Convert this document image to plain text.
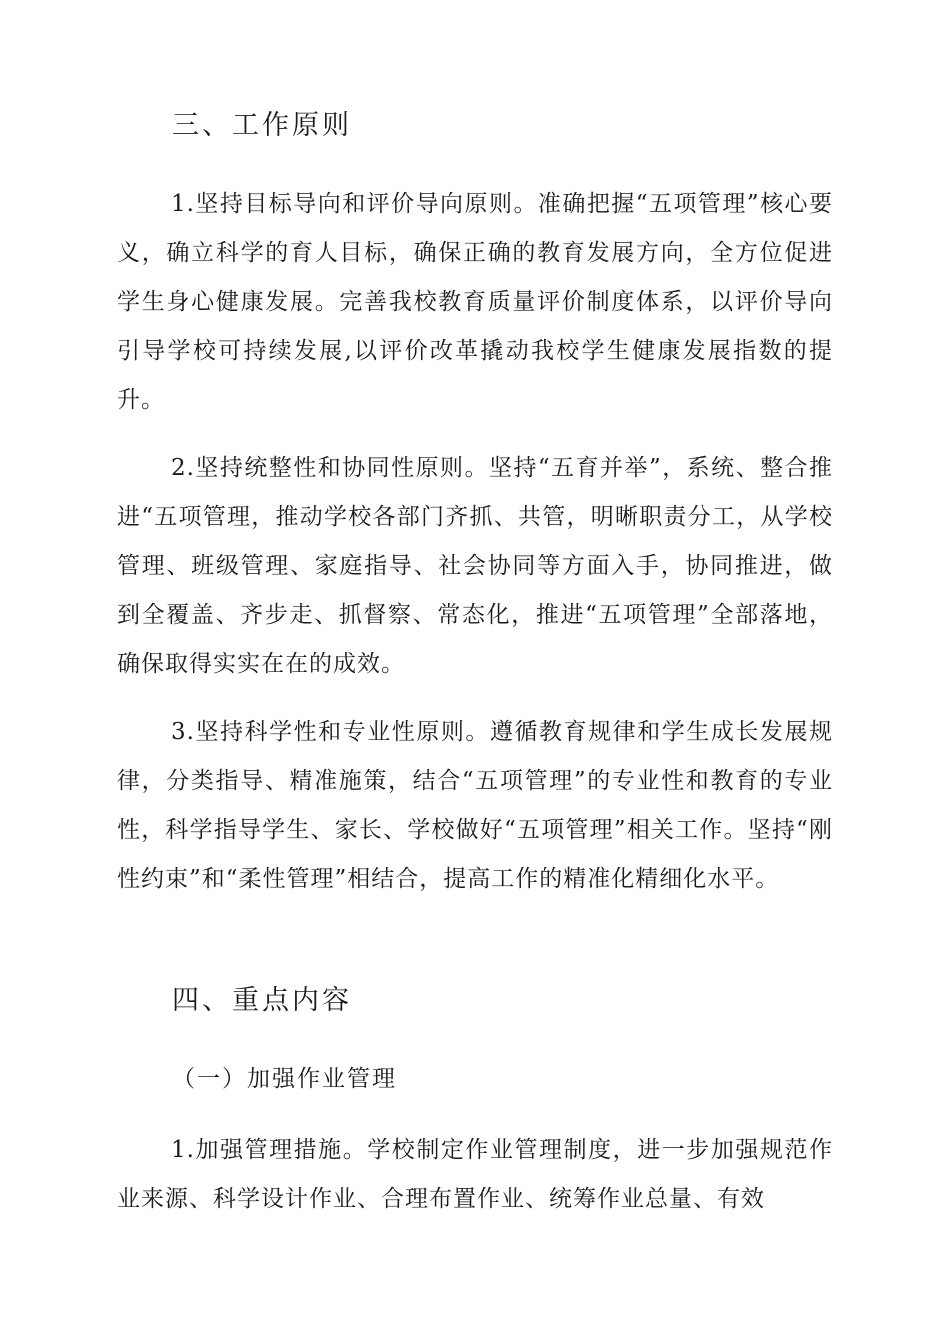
三、工作原则

1.坚持目标导向和评价导向原则。准确把握“五项管理”核心要义，确立科学的育人目标，确保正确的教育发展方向，全方位促进学生身心健康发展。完善我校教育质量评价制度体系，以评价导向引导学校可持续发展,以评价改革撬动我校学生健康发展指数的提升。

2.坚持统整性和协同性原则。坚持“五育并举”，系统、整合推进“五项管理，推动学校各部门齐抓、共管，明晰职责分工，从学校管理、班级管理、家庭指导、社会协同等方面入手，协同推进，做到全覆盖、齐步走、抓督察、常态化，推进“五项管理”全部落地，确保取得实实在在的成效。

3.坚持科学性和专业性原则。遵循教育规律和学生成长发展规律，分类指导、精准施策，结合“五项管理”的专业性和教育的专业性，科学指导学生、家长、学校做好“五项管理”相关工作。坚持“刚性约束”和“柔性管理”相结合，提高工作的精准化精细化水平。

四、重点内容
（一）加强作业管理

1.加强管理措施。学校制定作业管理制度，进一步加强规范作业来源、科学设计作业、合理布置作业、统筹作业总量、有效
